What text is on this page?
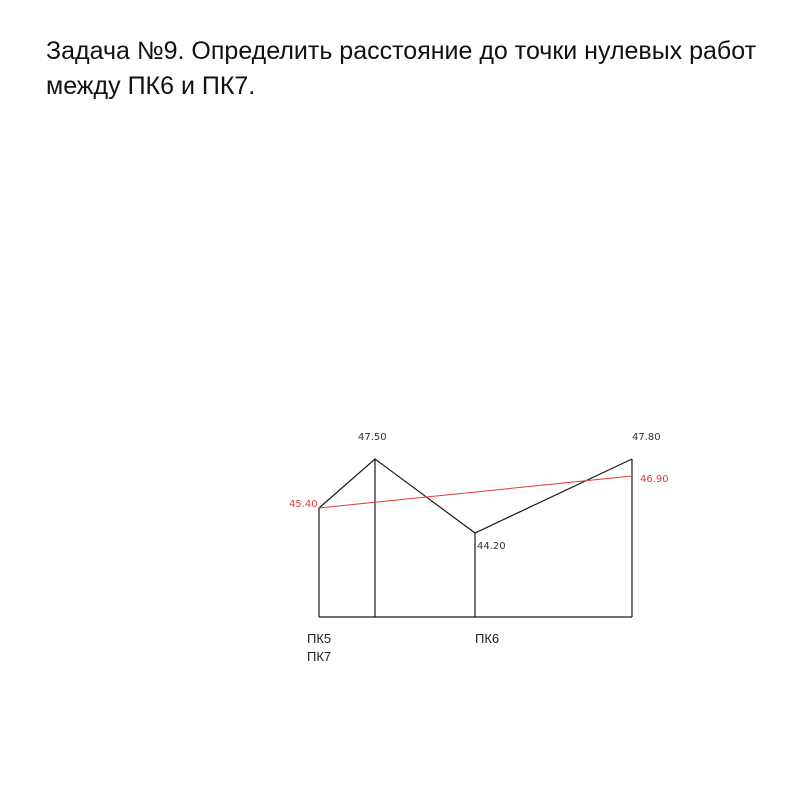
Задача №9. Определить расстояние до точки нулевых работ между ПК6 и ПК7.
47.50	47.80
44.20
45.40
46.90
ПК5
ПК7
ПК6
